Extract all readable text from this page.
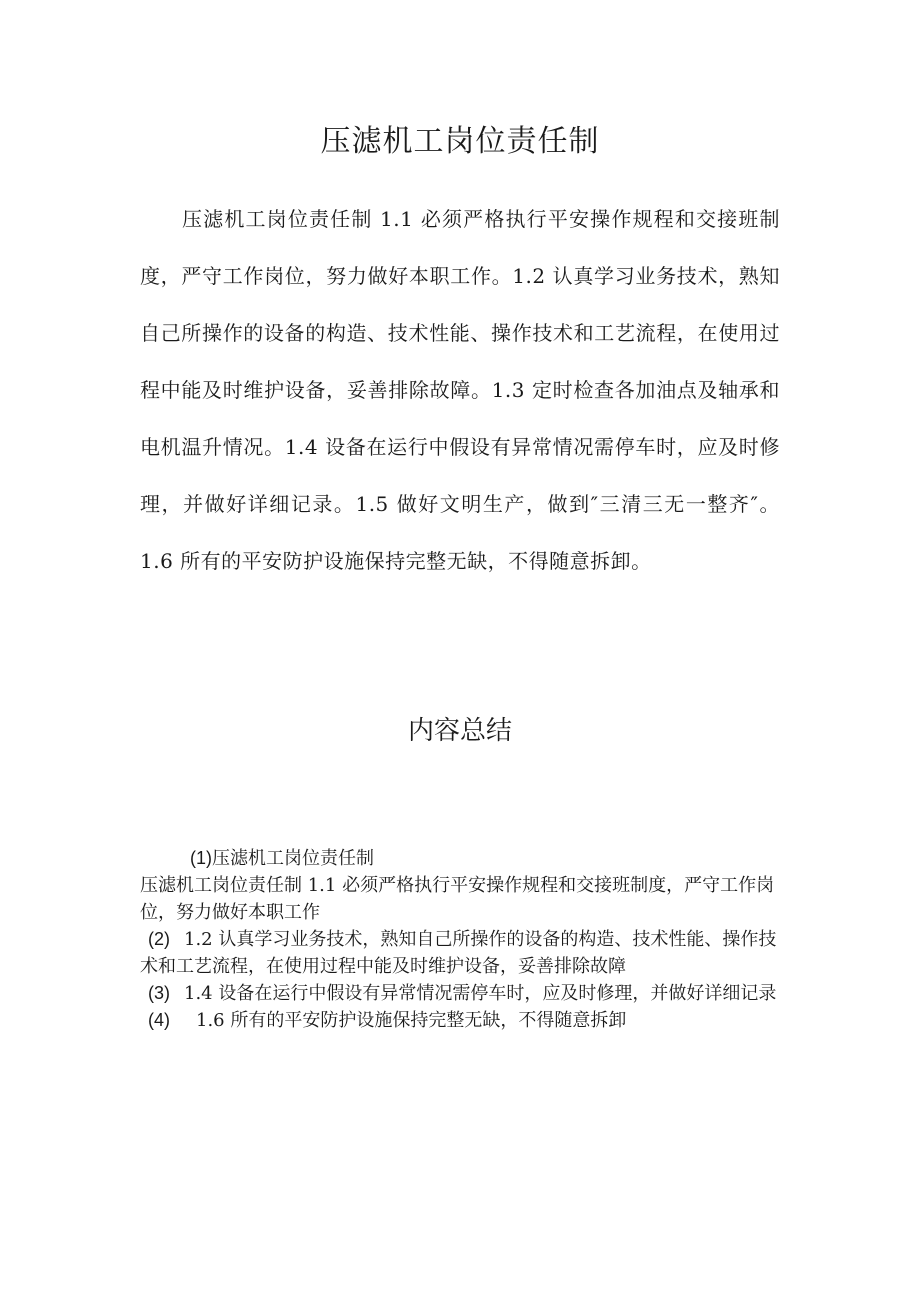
压滤机工岗位责任制

压滤机工岗位责任制 1.1 必须严格执行平安操作规程和交接班制度，严守工作岗位，努力做好本职工作。1.2 认真学习业务技术，熟知自己所操作的设备的构造、技术性能、操作技术和工艺流程，在使用过程中能及时维护设备，妥善排除故障。1.3 定时检查各加油点及轴承和电机温升情况。1.4 设备在运行中假设有异常情况需停车时，应及时修理，并做好详细记录。1.5 做好文明生产，做到″三清三无一整齐″。1.6 所有的平安防护设施保持完整无缺，不得随意拆卸。

内容总结
(1)压滤机工岗位责任制
压滤机工岗位责任制 1.1 必须严格执行平安操作规程和交接班制度，严守工作岗位，努力做好本职工作
(2) 1.2 认真学习业务技术，熟知自己所操作的设备的构造、技术性能、操作技术和工艺流程，在使用过程中能及时维护设备，妥善排除故障
(3) 1.4 设备在运行中假设有异常情况需停车时，应及时修理，并做好详细记录
(4) 1.6 所有的平安防护设施保持完整无缺，不得随意拆卸
